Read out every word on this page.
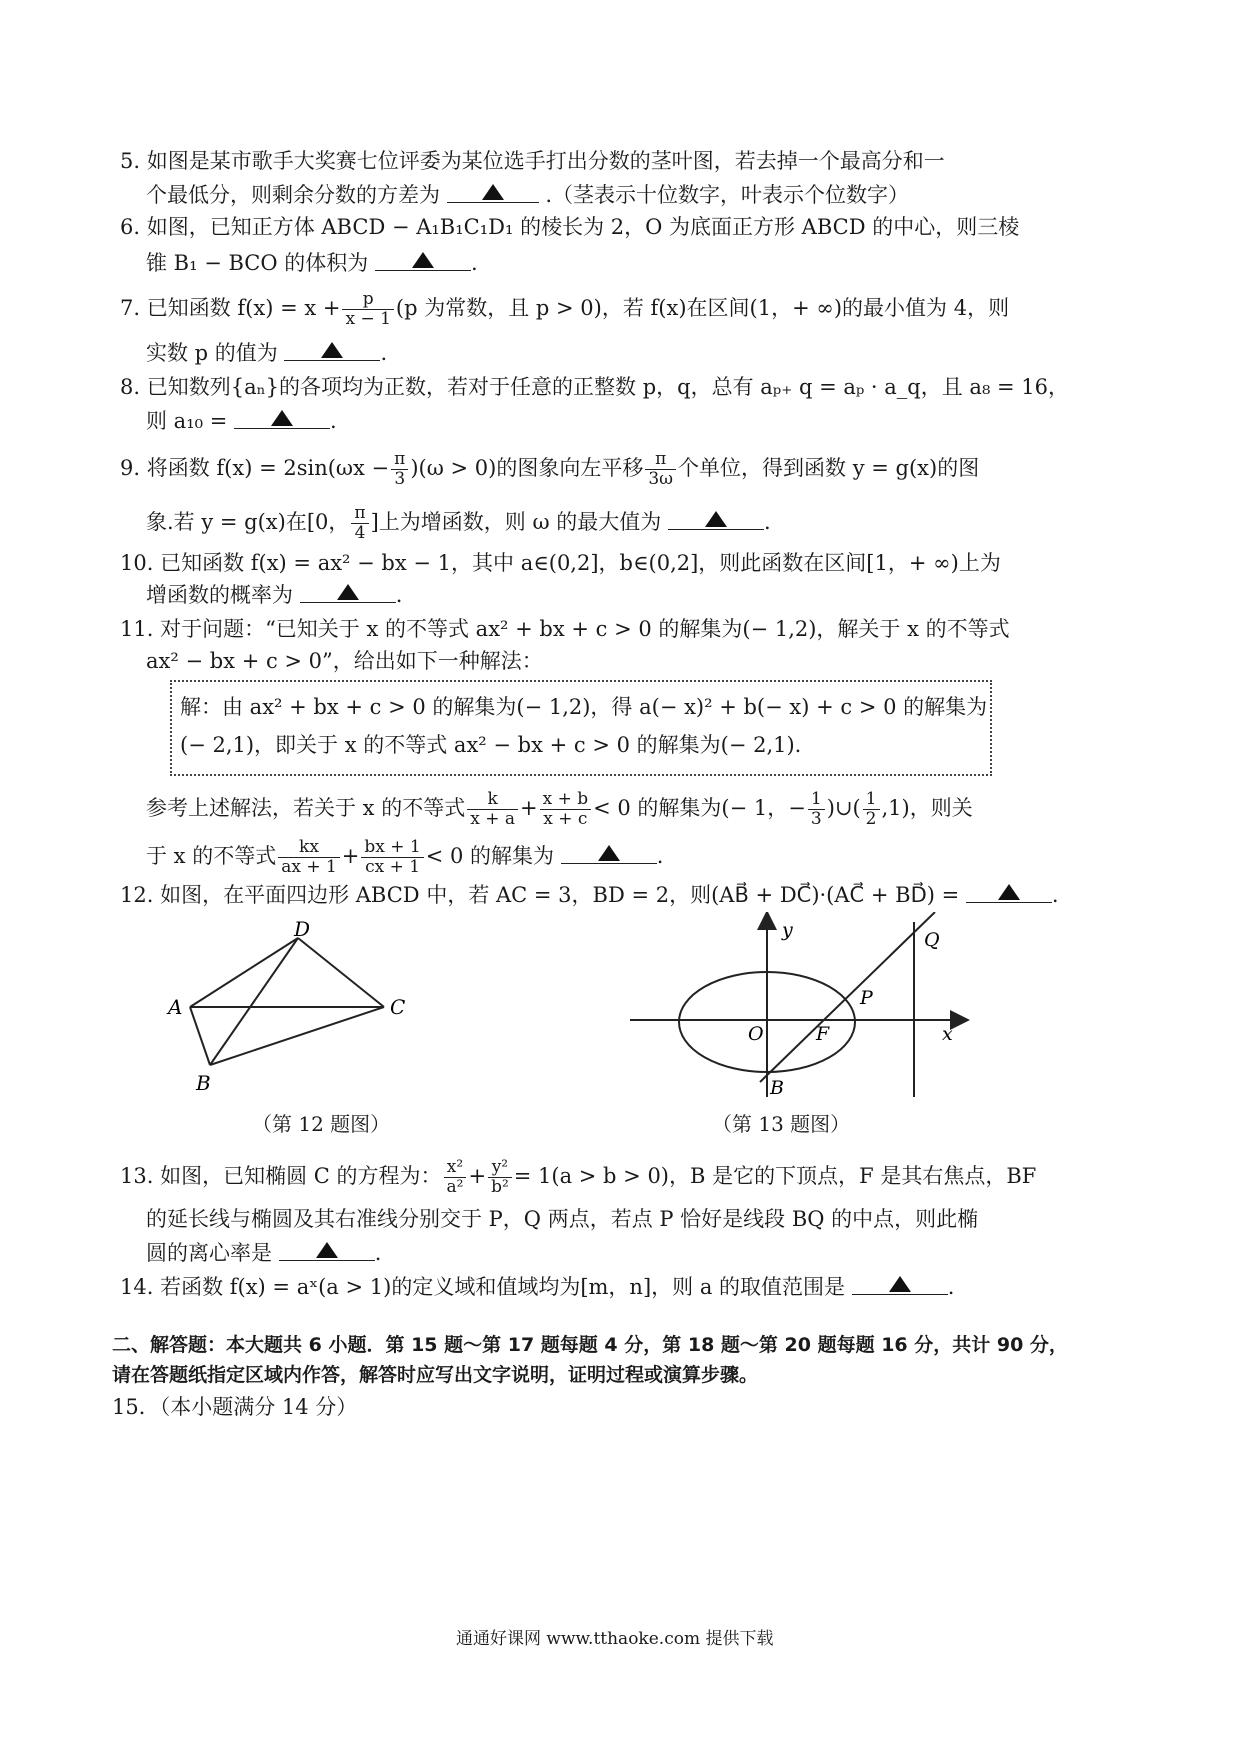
5. 如图是某市歌手大奖赛七位评委为某位选手打出分数的茎叶图，若去掉一个最高分和一
个最低分，则剩余分数的方差为	.（茎表示十位数字，叶表示个位数字）
6. 如图，已知正方体 ABCD − A₁B₁C₁D₁ 的棱长为 2，O 为底面正方形 ABCD 的中心，则三棱
锥 B₁ − BCO 的体积为	.
7. 已知函数 $f(x) = x + \frac{p}{x - 1} (p$ 为常数，且 p > 0)，若 f(x)在区间(1，+ ∞)的最小值为 4，则
实数 p 的值为	.
8. 已知数列{aₙ}的各项均为正数，若对于任意的正整数 p，q，总有 aₚ₊ q = aₚ · a_q，且 a₈ = 16，
则 a₁₀ =	.
9. 将函数 $f(x) = 2\sin(\omega x - \frac{\pi}{3} )(\omega > 0)$的图象向左平移 $\frac{\pi}{3\omega}$ 个单位，得到函数 y = g(x)的图
象.若 y = g(x)在[0， $\frac{\pi}{4}$ ]上为增函数，则 ω 的最大值为	.
10. 已知函数 f(x) = ax² − bx − 1，其中 a∈(0,2]，b∈(0,2]，则此函数在区间[1，+ ∞)上为
增函数的概率为	.
11. 对于问题：“已知关于 x 的不等式 ax² + bx + c > 0 的解集为(− 1,2)，解关于 x 的不等式
ax² − bx + c > 0”，给出如下一种解法：
解：由 ax² + bx + c > 0 的解集为(− 1,2)，得 a(− x)² + b(− x) + c > 0 的解集为
(− 2,1)，即关于 x 的不等式 ax² − bx + c > 0 的解集为(− 2,1).
参考上述解法，若关于 x 的不等式 $\frac{k}{x + a} + \frac{x + b}{x + c} < 0$ 的解集为(− 1，− $\frac{1}{3}$ )∪( $\frac{1}{2} ,1$)，则关
于 x 的不等式 $\frac{kx}{ax + 1} + \frac{bx + 1}{cx + 1} < 0$ 的解集为	.
12. 如图，在平面四边形 ABCD 中，若 AC = 3，BD = 2，则(AB⃗ + DC⃗)·(AC⃗ + BD⃗) =	.
A
B
C
D
（第 12 题图）
y
x
O	F
P
Q
B
（第 13 题图）
13. 如图，已知椭圆 C 的方程为： $\frac{\text{x²}}{\text{a²}} + \frac{\text{y²}}{\text{b²}} = 1(a > b > 0)$，B 是它的下顶点，F 是其右焦点，BF
的延长线与椭圆及其右准线分别交于 P，Q 两点，若点 P 恰好是线段 BQ 的中点，则此椭
圆的离心率是	.
14. 若函数 f(x) = aˣ(a > 1)的定义域和值域均为[m，n]，则 a 的取值范围是	.
二、解答题：本大题共 6 小题．第 15 题～第 17 题每题 4 分，第 18 题～第 20 题每题 16 分，共计 90 分，
请在答题纸指定区域内作答，解答时应写出文字说明，证明过程或演算步骤。
15．（本小题满分 14 分）
通通好课网 www.tthaoke.com 提供下载
